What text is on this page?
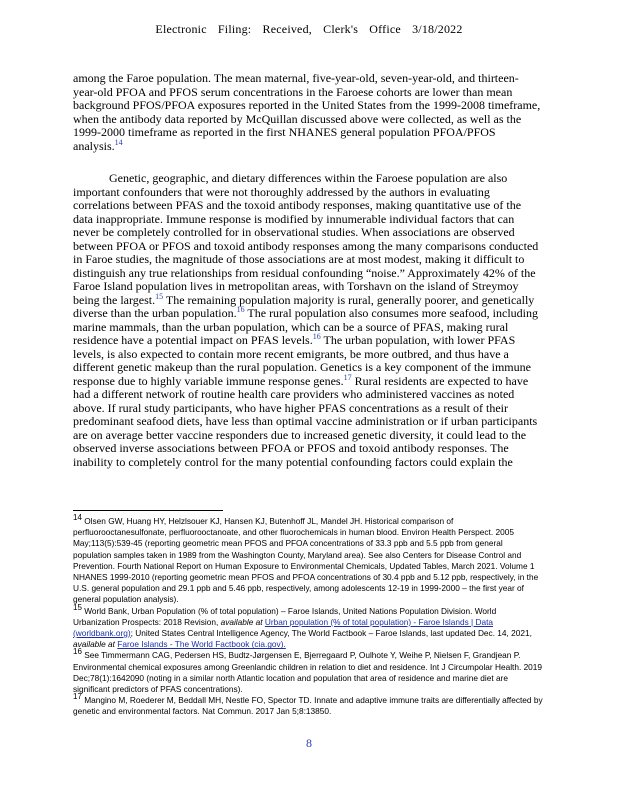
Electronic Filing: Received, Clerk's Office 3/18/2022

among the Faroe population. The mean maternal, five-year-old, seven-year-old, and thirteen-year-old PFOA and PFOS serum concentrations in the Faroese cohorts are lower than mean background PFOS/PFOA exposures reported in the United States from the 1999-2008 timeframe, when the antibody data reported by McQuillan discussed above were collected, as well as the 1999-2000 timeframe as reported in the first NHANES general population PFOA/PFOS analysis.$^{14}$

Genetic, geographic, and dietary differences within the Faroese population are also important confounders that were not thoroughly addressed by the authors in evaluating correlations between PFAS and the toxoid antibody responses, making quantitative use of the data inappropriate. Immune response is modified by innumerable individual factors that can never be completely controlled for in observational studies. When associations are observed between PFOA or PFOS and toxoid antibody responses among the many comparisons conducted in Faroe studies, the magnitude of those associations are at most modest, making it difficult to distinguish any true relationships from residual confounding “noise.” Approximately 42% of the Faroe Island population lives in metropolitan areas, with Torshavn on the island of Streymoy being the largest.$^{15}$ The remaining population majority is rural, generally poorer, and genetically diverse than the urban population.$^{16}$ The rural population also consumes more seafood, including marine mammals, than the urban population, which can be a source of PFAS, making rural residence have a potential impact on PFAS levels.$^{16}$ The urban population, with lower PFAS levels, is also expected to contain more recent emigrants, be more outbred, and thus have a different genetic makeup than the rural population. Genetics is a key component of the immune response due to highly variable immune response genes.$^{17}$ Rural residents are expected to have had a different network of routine health care providers who administered vaccines as noted above. If rural study participants, who have higher PFAS concentrations as a result of their predominant seafood diets, have less than optimal vaccine administration or if urban participants are on average better vaccine responders due to increased genetic diversity, it could lead to the observed inverse associations between PFOA or PFOS and toxoid antibody responses. The inability to completely control for the many potential confounding factors could explain the

$^{14}$ Olsen GW, Huang HY, Helzlsouer KJ, Hansen KJ, Butenhoff JL, Mandel JH. Historical comparison of perfluorooctanesulfonate, perfluorooctanoate, and other fluorochemicals in human blood. Environ Health Perspect. 2005 May;113(5):539-45 (reporting geometric mean PFOS and PFOA concentrations of 33.3 ppb and 5.5 ppb from general population samples taken in 1989 from the Washington County, Maryland area). See also Centers for Disease Control and Prevention. Fourth National Report on Human Exposure to Environmental Chemicals, Updated Tables, March 2021. Volume 1 NHANES 1999-2010 (reporting geometric mean PFOS and PFOA concentrations of 30.4 ppb and 5.12 ppb, respectively, in the U.S. general population and 29.1 ppb and 5.46 ppb, respectively, among adolescents 12-19 in 1999-2000 – the first year of general population analysis).

$^{15}$ World Bank, Urban Population (% of total population) – Faroe Islands, United Nations Population Division. World Urbanization Prospects: 2018 Revision, available at Urban population (% of total population) - Faroe Islands | Data (worldbank.org); United States Central Intelligence Agency, The World Factbook – Faroe Islands, last updated Dec. 14, 2021, available at Faroe Islands - The World Factbook (cia.gov).

$^{16}$ See Timmermann CAG, Pedersen HS, Budtz-Jørgensen E, Bjerregaard P, Oulhote Y, Weihe P, Nielsen F, Grandjean P. Environmental chemical exposures among Greenlandic children in relation to diet and residence. Int J Circumpolar Health. 2019 Dec;78(1):1642090 (noting in a similar north Atlantic location and population that area of residence and marine diet are significant predictors of PFAS concentrations).

$^{17}$ Mangino M, Roederer M, Beddall MH, Nestle FO, Spector TD. Innate and adaptive immune traits are differentially affected by genetic and environmental factors. Nat Commun. 2017 Jan 5;8:13850.

8
